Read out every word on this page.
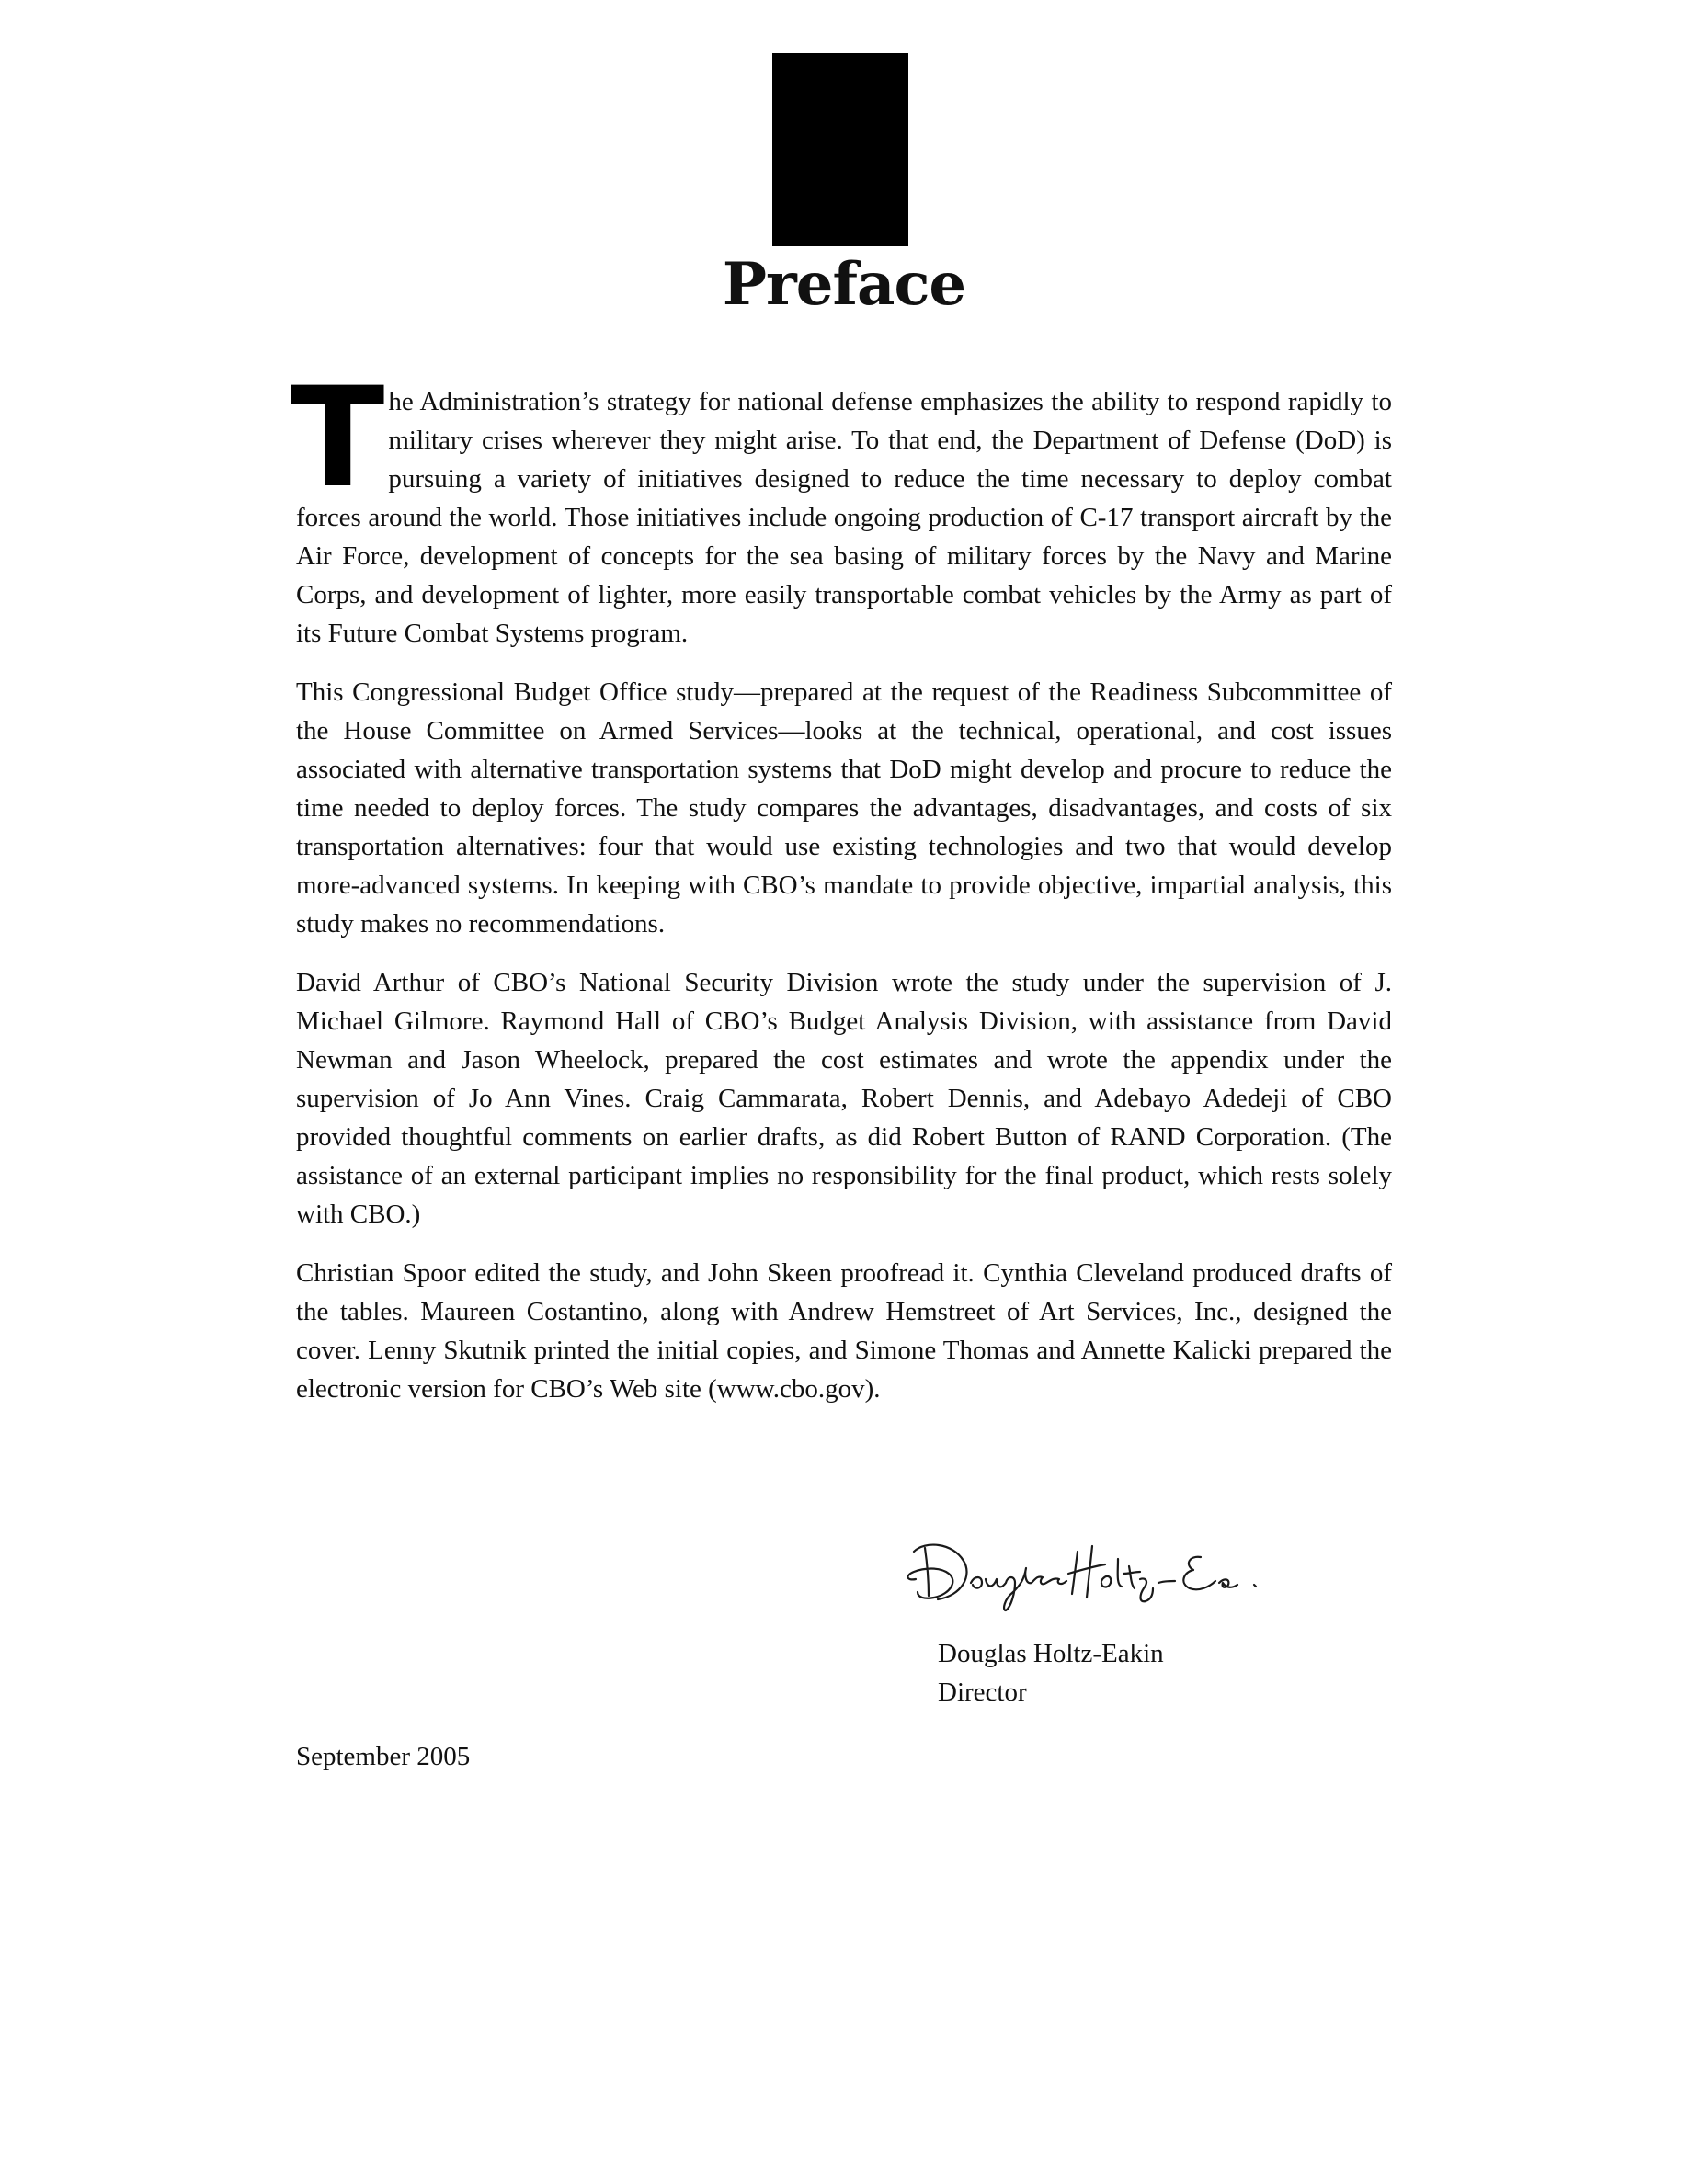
Preface

The Administration’s strategy for national defense emphasizes the ability to respond rapidly to military crises wherever they might arise. To that end, the Department of Defense (DoD) is pursuing a variety of initiatives designed to reduce the time necessary to deploy combat forces around the world. Those initiatives include ongoing production of C-17 transport aircraft by the Air Force, development of concepts for the sea basing of military forces by the Navy and Marine Corps, and development of lighter, more easily transportable combat vehicles by the Army as part of its Future Combat Systems program.

This Congressional Budget Office study—prepared at the request of the Readiness Subcommittee of the House Committee on Armed Services—looks at the technical, operational, and cost issues associated with alternative transportation systems that DoD might develop and procure to reduce the time needed to deploy forces. The study compares the advantages, disadvantages, and costs of six transportation alternatives: four that would use existing technologies and two that would develop more-advanced systems. In keeping with CBO’s mandate to provide objective, impartial analysis, this study makes no recommendations.

David Arthur of CBO’s National Security Division wrote the study under the supervision of J. Michael Gilmore. Raymond Hall of CBO’s Budget Analysis Division, with assistance from David Newman and Jason Wheelock, prepared the cost estimates and wrote the appendix under the supervision of Jo Ann Vines. Craig Cammarata, Robert Dennis, and Adebayo Adedeji of CBO provided thoughtful comments on earlier drafts, as did Robert Button of RAND Corporation. (The assistance of an external participant implies no responsibility for the final product, which rests solely with CBO.)

Christian Spoor edited the study, and John Skeen proofread it. Cynthia Cleveland produced drafts of the tables. Maureen Costantino, along with Andrew Hemstreet of Art Services, Inc., designed the cover. Lenny Skutnik printed the initial copies, and Simone Thomas and Annette Kalicki prepared the electronic version for CBO’s Web site (www.cbo.gov).

Douglas Holtz-Eakin
Director
September 2005
